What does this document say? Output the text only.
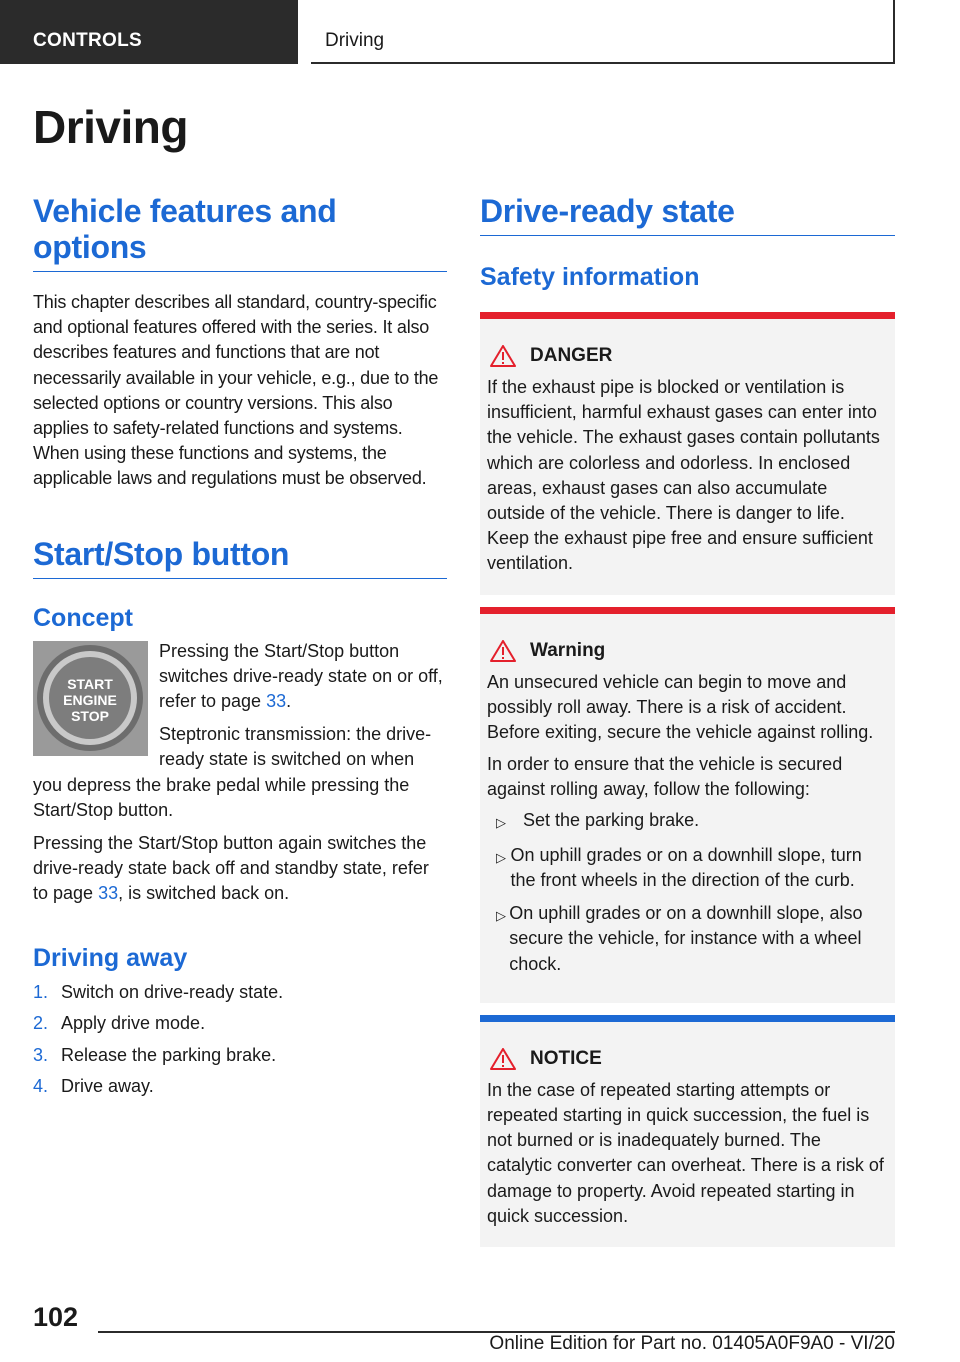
CONTROLS	Driving
Driving
Vehicle features and options

This chapter describes all standard, country-specific and optional features offered with the series. It also describes features and functions that are not necessarily available in your vehicle, e.g., due to the selected options or country versions. This also applies to safety-related functions and systems. When using these functions and systems, the applicable laws and regulations must be observed.

Start/Stop button
Concept
START
ENGINE
STOP

Pressing the Start/Stop button switches drive-ready state on or off, refer to page 33.

Steptronic transmission: the drive-ready state is switched on when you depress the brake pedal while pressing the Start/Stop button.

Pressing the Start/Stop button again switches the drive-ready state back off and standby state, refer to page 33, is switched back on.

Driving away
1. Switch on drive-ready state.
2. Apply drive mode.
3. Release the parking brake.
4. Drive away.
Drive-ready state
Safety information
DANGER

If the exhaust pipe is blocked or ventilation is insufficient, harmful exhaust gases can enter into the vehicle. The exhaust gases contain pollutants which are colorless and odorless. In enclosed areas, exhaust gases can also accumulate outside of the vehicle. There is danger to life. Keep the exhaust pipe free and ensure sufficient ventilation.

Warning

An unsecured vehicle can begin to move and possibly roll away. There is a risk of accident. Before exiting, secure the vehicle against rolling.

In order to ensure that the vehicle is secured against rolling away, follow the following:

▷ Set the parking brake.
▷ On uphill grades or on a downhill slope, turn the front wheels in the direction of the curb.
▷ On uphill grades or on a downhill slope, also secure the vehicle, for instance with a wheel chock.
NOTICE

In the case of repeated starting attempts or repeated starting in quick succession, the fuel is not burned or is inadequately burned. The catalytic converter can overheat. There is a risk of damage to property. Avoid repeated starting in quick succession.

102
Online Edition for Part no. 01405A0F9A0 - VI/20
